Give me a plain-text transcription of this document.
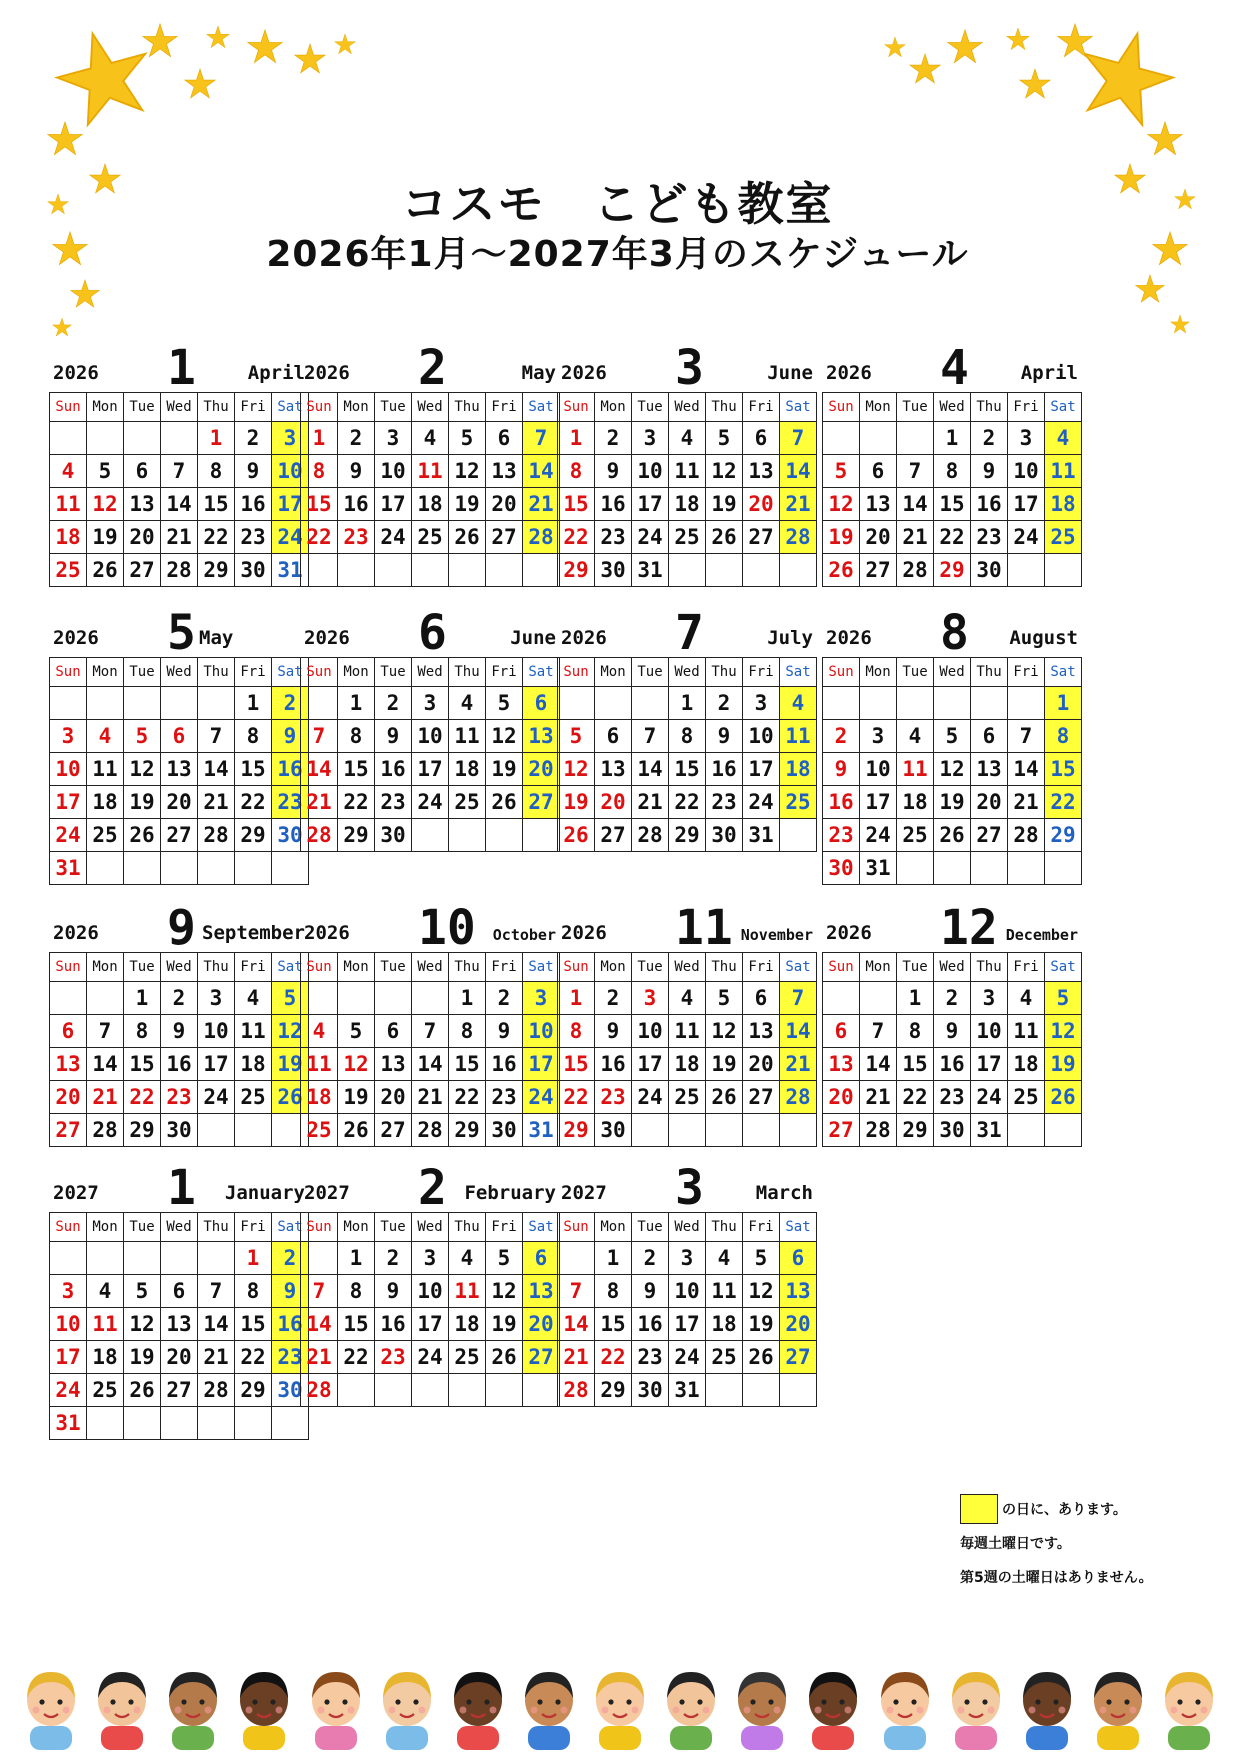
コスモ　こども教室
2026年1月〜2027年3月のスケジュール
2026 1	April
Sun	Mon	Tue	Wed	Thu	Fri	Sat
				1	2	3
4	5	6	7	8	9	10
11	12	13	14	15	16	17
18	19	20	21	22	23	24
25	26	27	28	29	30	31
2026 2	May
Sun	Mon	Tue	Wed	Thu	Fri	Sat
1	2	3	4	5	6	7
8	9	10	11	12	13	14
15	16	17	18	19	20	21
22	23	24	25	26	27	28

2026 3	June
Sun	Mon	Tue	Wed	Thu	Fri	Sat
1	2	3	4	5	6	7
8	9	10	11	12	13	14
15	16	17	18	19	20	21
22	23	24	25	26	27	28
29	30	31				
2026 4	April
Sun	Mon	Tue	Wed	Thu	Fri	Sat
			1	2	3	4
5	6	7	8	9	10	11
12	13	14	15	16	17	18
19	20	21	22	23	24	25
26	27	28	29	30		
2026 5 May
Sun	Mon	Tue	Wed	Thu	Fri	Sat
					1	2
3	4	5	6	7	8	9
10	11	12	13	14	15	16
17	18	19	20	21	22	23
24	25	26	27	28	29	30
31						
2026 6	June
Sun	Mon	Tue	Wed	Thu	Fri	Sat
	1	2	3	4	5	6
7	8	9	10	11	12	13
14	15	16	17	18	19	20
21	22	23	24	25	26	27
28	29	30				
2026 7	July
Sun	Mon	Tue	Wed	Thu	Fri	Sat
			1	2	3	4
5	6	7	8	9	10	11
12	13	14	15	16	17	18
19	20	21	22	23	24	25
26	27	28	29	30	31	
2026 8 August
Sun	Mon	Tue	Wed	Thu	Fri	Sat
						1
2	3	4	5	6	7	8
9	10	11	12	13	14	15
16	17	18	19	20	21	22
23	24	25	26	27	28	29
30	31					
2026 9 September
Sun	Mon	Tue	Wed	Thu	Fri	Sat
		1	2	3	4	5
6	7	8	9	10	11	12
13	14	15	16	17	18	19
20	21	22	23	24	25	26
27	28	29	30			
2026 10 October
Sun	Mon	Tue	Wed	Thu	Fri	Sat
				1	2	3
4	5	6	7	8	9	10
11	12	13	14	15	16	17
18	19	20	21	22	23	24
25	26	27	28	29	30	31
2026 11 November
Sun	Mon	Tue	Wed	Thu	Fri	Sat
1	2	3	4	5	6	7
8	9	10	11	12	13	14
15	16	17	18	19	20	21
22	23	24	25	26	27	28
29	30					
2026 12 December
Sun	Mon	Tue	Wed	Thu	Fri	Sat
		1	2	3	4	5
6	7	8	9	10	11	12
13	14	15	16	17	18	19
20	21	22	23	24	25	26
27	28	29	30	31		
2027 1 January
Sun	Mon	Tue	Wed	Thu	Fri	Sat
					1	2
3	4	5	6	7	8	9
10	11	12	13	14	15	16
17	18	19	20	21	22	23
24	25	26	27	28	29	30
31						
2027 2 February
Sun	Mon	Tue	Wed	Thu	Fri	Sat
	1	2	3	4	5	6
7	8	9	10	11	12	13
14	15	16	17	18	19	20
21	22	23	24	25	26	27
28						
2027 3	March
Sun	Mon	Tue	Wed	Thu	Fri	Sat
	1	2	3	4	5	6
7	8	9	10	11	12	13
14	15	16	17	18	19	20
21	22	23	24	25	26	27
28	29	30	31			
の日に、あります。
毎週土曜日です。
第5週の土曜日はありません。
